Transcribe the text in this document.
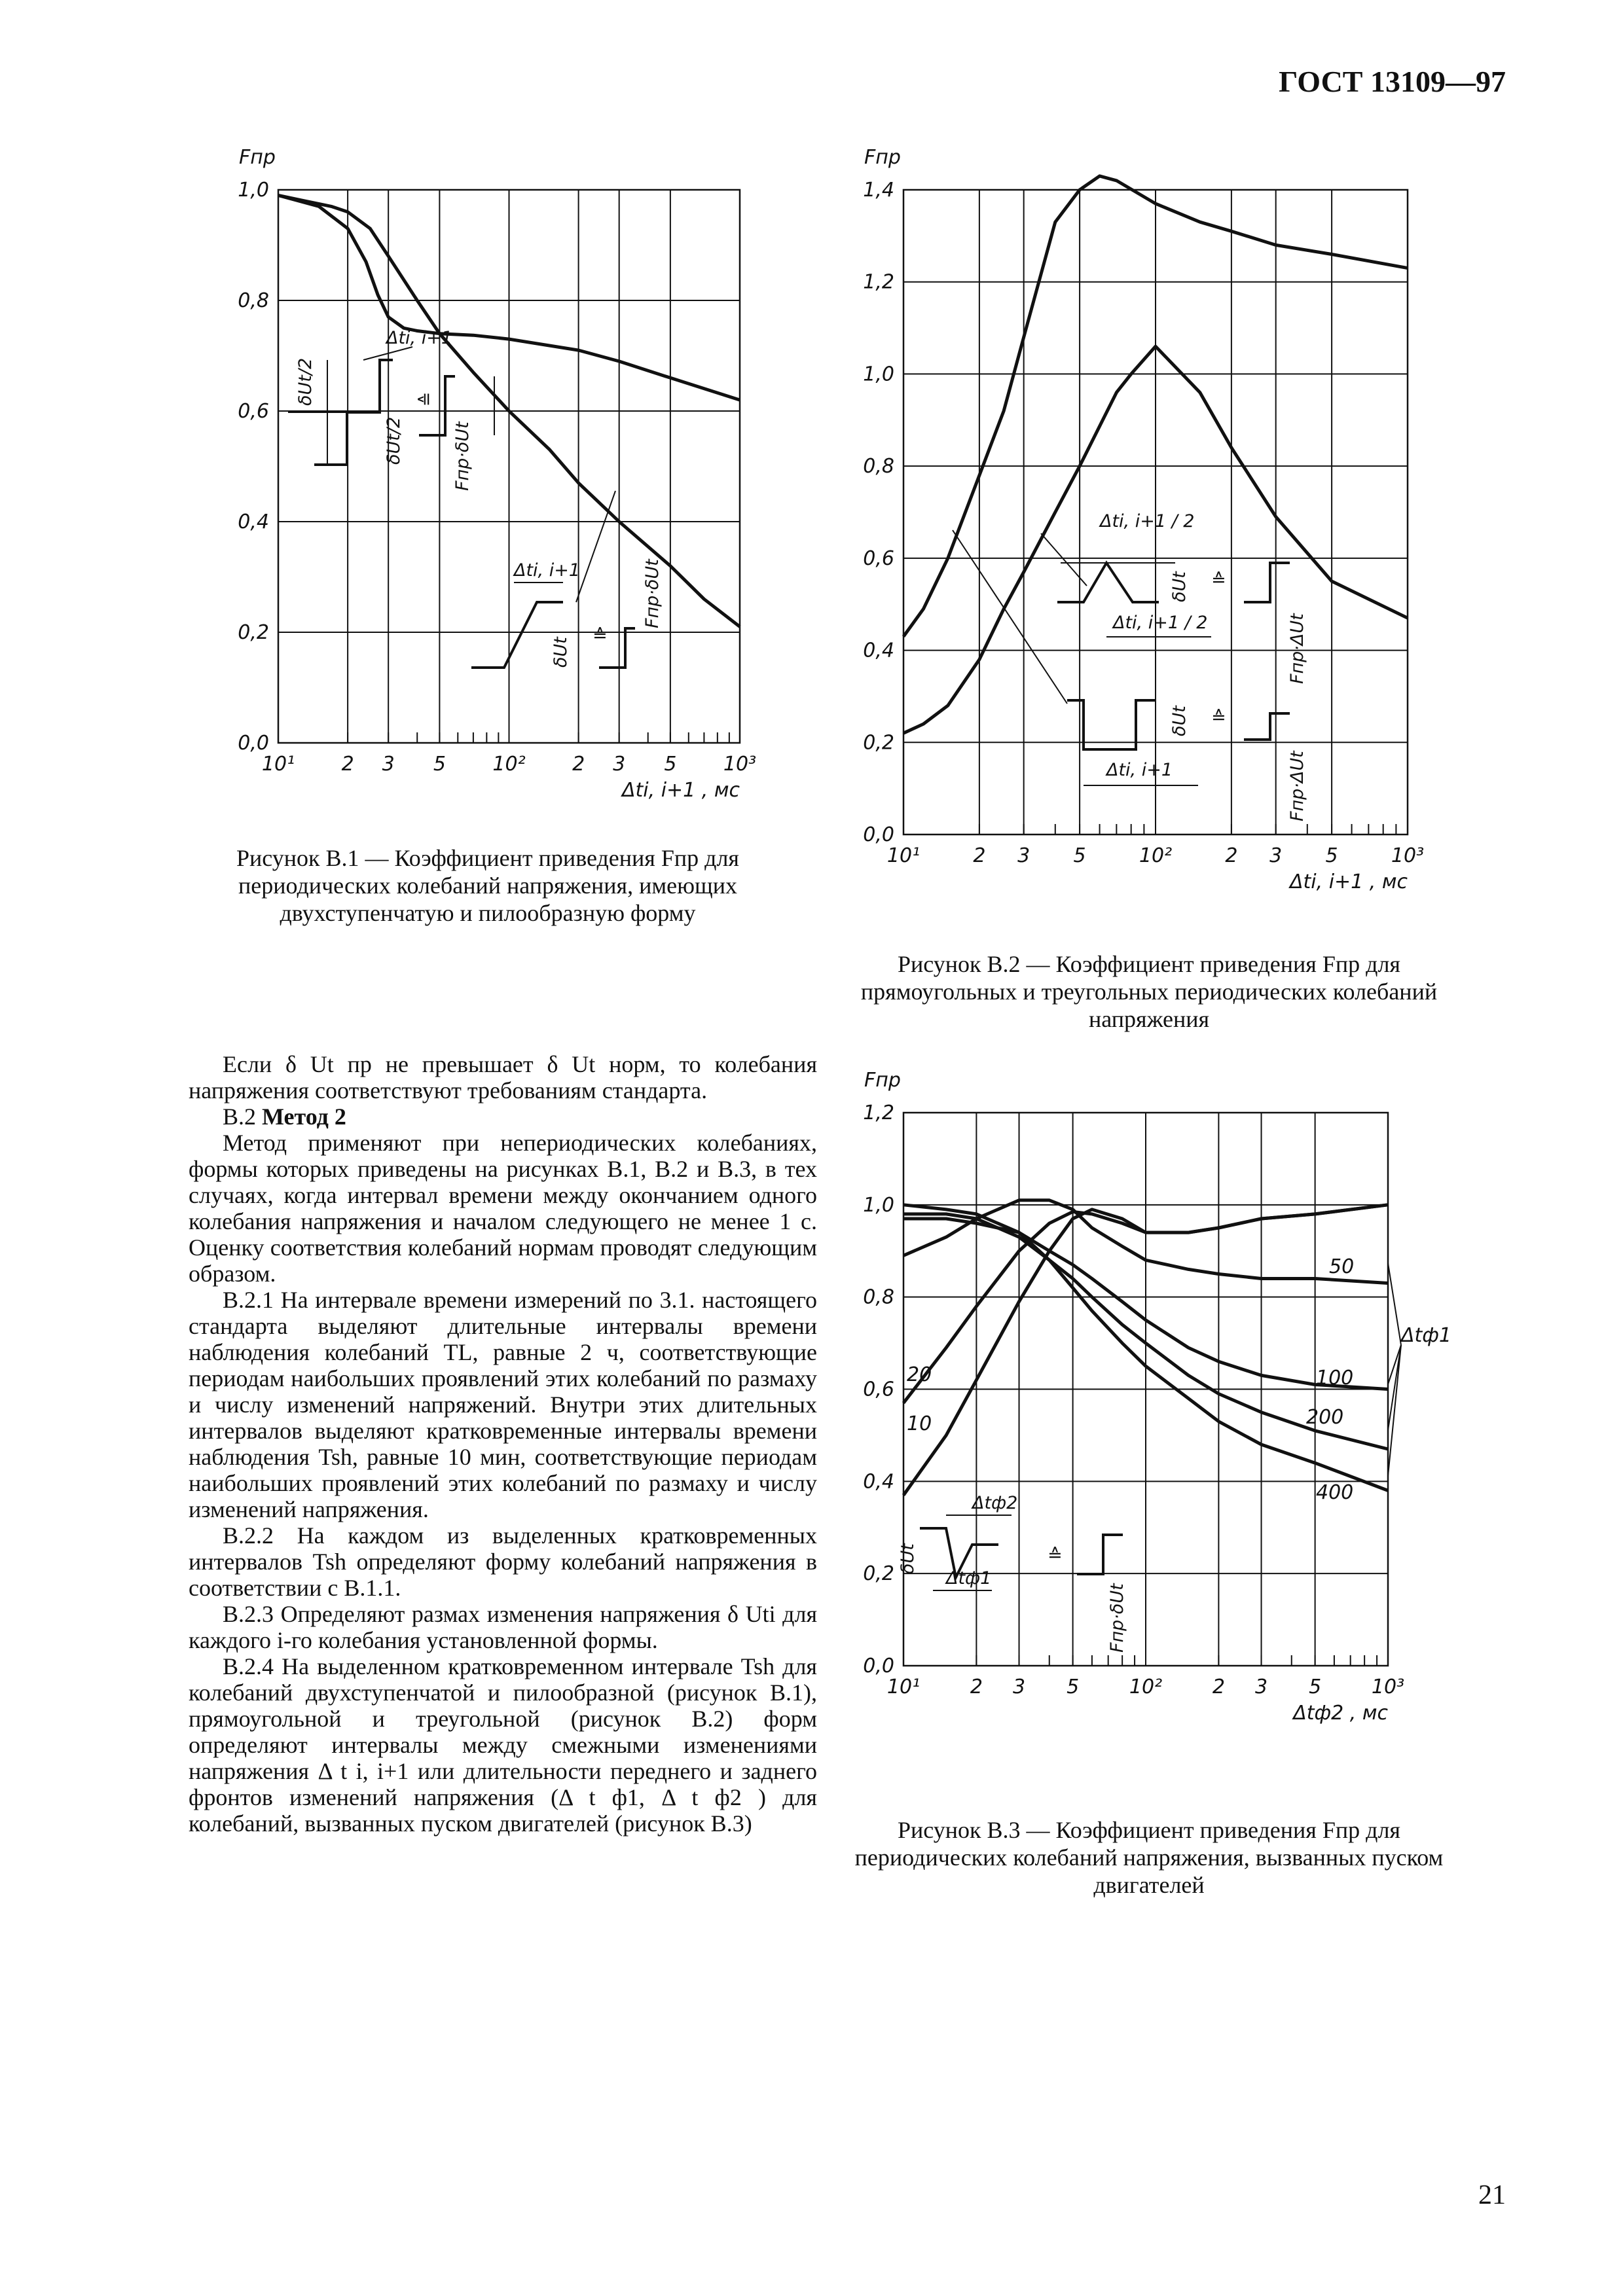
ГОСТ 13109—97
1,0
0,8
0,6
0,4
0,2
0,0
10¹ 2 3 5 10² 2 3 5 10³
Fпр
Δti, i+1 , мс
Δti, i+1
δUt/2
δUt/2
≙
Fпр·δUt
Δti, i+1
δUt
≙
Fпр·δUt
Рисунок В.1 — Коэффициент приведения Fпр для периодических колебаний напряжения, имеющих двухступенчатую и пилообразную форму
1,4
1,2
1,0
0,8
0,6
0,4
0,2
0,0
10¹	2 3 5	10²	2 3 5	10³
Fпр
Δti, i+1 , мс
Δti, i+1 / 2
Δti, i+1 / 2
δUt ≙
Fпр·ΔUt
Δti, i+1
δUt ≙
Fпр·ΔUt
Рисунок В.2 — Коэффициент приведения Fпр для прямоугольных и треугольных периодических колебаний напряжения
1,2
1,0
0,8
0,6
0,4
0,2
0,0
10¹	2 3 5	10²	2 3 5	10³
Fпр
Δtф2 , мс
50
20
10
100
200
400
Δtф1
Δtф2
Δtф1
δUt	≙
Fпр·δUt
Рисунок В.3 — Коэффициент приведения Fпр для периодических колебаний напряжения, вызванных пуском двигателей

Если δ Ut пр не превышает δ Ut норм, то колебания напряжения соответствуют требованиям стандарта.

В.2 Метод 2

Метод применяют при непериодических колебаниях, формы которых приведены на рисунках В.1, В.2 и В.3, в тех случаях, когда интервал времени между окончанием одного колебания напряжения и началом следующего не менее 1 с. Оценку соответствия колебаний нормам проводят следующим образом.

В.2.1 На интервале времени измерений по 3.1. настоящего стандарта выделяют длительные интервалы времени наблюдения колебаний TL, равные 2 ч, соответствующие периодам наибольших проявлений этих колебаний по размаху и числу изменений напряжений. Внутри этих длительных интервалов выделяют кратковременные интервалы времени наблюдения Tsh, равные 10 мин, соответствующие периодам наибольших проявлений этих колебаний по размаху и числу изменений напряжения.

В.2.2 На каждом из выделенных кратковременных интервалов Tsh определяют форму колебаний напряжения в соответствии с В.1.1.

В.2.3 Определяют размах изменения напряжения δ Uti для каждого i-го колебания установленной формы.

В.2.4 На выделенном кратковременном интервале Tsh для колебаний двухступенчатой и пилообразной (рисунок В.1), прямоугольной и треугольной (рисунок В.2) форм определяют интервалы между смежными изменениями напряжения Δ t i, i+1 или длительности переднего и заднего фронтов изменений напряжения (Δ t ф1, Δ t ф2 ) для колебаний, вызванных пуском двигателей (рисунок В.3)

21
